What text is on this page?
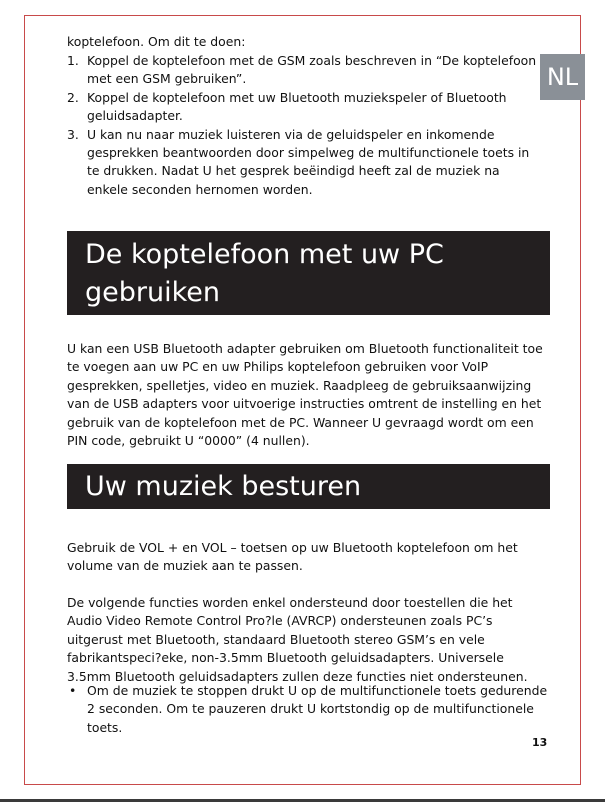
NL

koptelefoon. Om dit te doen:

1. Koppel de koptelefoon met de GSM zoals beschreven in “De koptelefoon met een GSM gebruiken”.
2. Koppel de koptelefoon met uw Bluetooth muziekspeler of Bluetooth geluidsadapter.
3. U kan nu naar muziek luisteren via de geluidspeler en inkomende gesprekken beantwoorden door simpelweg de multifunctionele toets in te drukken. Nadat U het gesprek beëindigd heeft zal de muziek na enkele seconden hernomen worden.
De koptelefoon met uw PC gebruiken

U kan een USB Bluetooth adapter gebruiken om Bluetooth functionaliteit toe te voegen aan uw PC en uw Philips koptelefoon gebruiken voor VoIP gesprekken, spelletjes, video en muziek. Raadpleeg de gebruiksaanwijzing van de USB adapters voor uitvoerige instructies omtrent de instelling en het gebruik van de koptelefoon met de PC. Wanneer U gevraagd wordt om een PIN code, gebruikt U “0000” (4 nullen).

Uw muziek besturen

Gebruik de VOL + en VOL – toetsen op uw Bluetooth koptelefoon om het volume van de muziek aan te passen.

De volgende functies worden enkel ondersteund door toestellen die het Audio Video Remote Control Pro?le (AVRCP) ondersteunen zoals PC’s uitgerust met Bluetooth, standaard Bluetooth stereo GSM’s en vele fabrikantspeci?eke, non-3.5mm Bluetooth geluidsadapters. Universele 3.5mm Bluetooth geluidsadapters zullen deze functies niet ondersteunen.

• Om de muziek te stoppen drukt U op de multifunctionele toets gedurende 2 seconden. Om te pauzeren drukt U kortstondig op de multifunctionele toets.
13
